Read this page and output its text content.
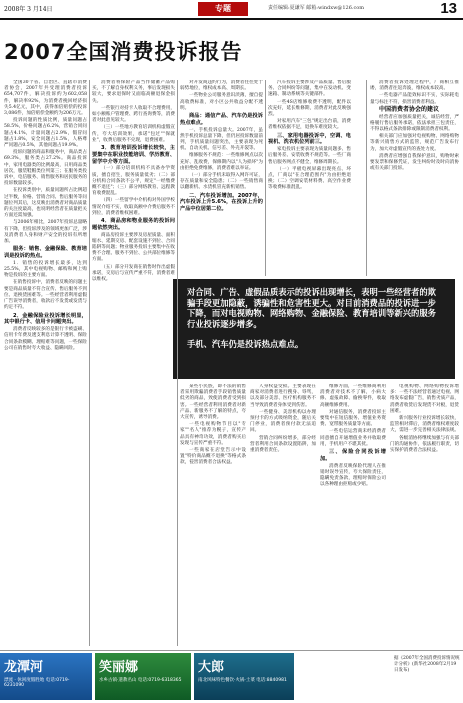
2008年 3 月14日	专题	责任编辑:夏谦军 邮箱:windxw@126.com	13
2007全国消费投诉报告

全国30个省、自治区、直辖市消费者协会，2007年共受理消费者投诉654,707件，解决投诉约为602,058件，解决率92%，为消费者挽回经济损失5.4亿元，其中，获得加倍赔偿的投诉3,086件，加倍赔偿金额约为206万元。

投诉问题的性质比例，质量问题占58.5%，价格问题占6.2%，营销合同问题占4.1%，计量问题占2.9%，假冒问题占1.8%，安全问题占1.5%，人格尊严问题占0.5%，其他问题占19.9%。

投诉问题的商品和服务中，商品类占69.3%，服务类占27.2%。商品投诉中，家用电器类的比例最高，日用商品类居次，服装鞋帽类位列第三；在服务类投诉中，电信服务、销售服务和居民服务的投诉数量较多。

在投诉类别中，质量问题所占比例超过半数，价格、营销合同、售后服务等问题位列其后，这反映出消费者对商品质量的关注度最高，也说明经营者在质量把关方面还需加强。

与2006年相比，2007年投诉总量略有下降，但投诉涉及的领域更加广泛，涉及消费者人身和财产安全的投诉有所增加。

服务：销售、金融保险、教育培训是投诉的热点。

1．销售的投诉增长最多，达到25.5%，其中电视购物、邮购和网上购物是投诉的主要方面。

在销售投诉中，消费者反映的问题主要是商品质量不符合宣传、售后服务不到位、退换货困难等。一些经营者利用虚假广告误导消费者，收款后不发货或发货与约定不符。

2．金融保险业投诉增长明显，其中银行卡、信用卡问题突出。

消费者反映较多的是银行卡被盗刷、信用卡年费及透支利息计算不透明、保险合同条款模糊、理赔难等问题，一些保险公司在销售时夸大收益、隐瞒风险。

消费者将保险产品当作储蓄产品购买，不了解自身权利义务，事后发现损失较大，要求退保时又面临高额退保金损失。

一些银行对持卡人收取不合理费用，如小额账户管理费、跨行查询费等，消费者对此意见较大。

（三）一些地方教育培训机构虚假宣传，夸大培训效果，承诺"包过""保就业"，收费后服务不兑现，退费困难。

3．教育培训投诉增长较快，主要集中在职业技能培训、学历教育、留学中介等方面。

（一）部分培训机构不具备办学资质，擅自招生，服务质量低劣；（二）部分机构合同条款不公平，规定"一经缴费概不退还"；（三）部分网络教育、远程教育收费混乱。

（四）一些留学中介机构对外国学校情况介绍不实，收取高额中介费后服务不到位，消费者维权困难。

4．商品房和物业服务的投诉问题依然突出。

商品房投诉主要涉及房屋质量、面积缩水、延期交房、配套设施不到位、合同陷阱等问题；物业服务投诉主要集中在收费不合理、服务不到位、公共部位维修等方面。

（五）部分开发商在销售时作出虚假承诺，交房后与宣传严重不符，消费者难以维权。

对开发商违约行为，消费者往往处于弱势地位，维权成本高、周期长。

一些物业公司服务意识淡薄，擅自提高收费标准，对小区公共收益分配不透明。

商品：通信产品、汽车仍是投诉热点难点。

一、手机投诉总量大。2007年，虽然手机投诉总量下降，但仍居投诉数量前列，手机质量问题突出，主要表现为死机、自动关机、信号差、外壳开裂等。

维修服务不规范：一些维修网点以次充好、乱收费，保修期内以"人为损坏"为由拒绝免费维修，消费者难以举证。

（一）部分手机未取得入网许可证，存在质量和安全隐患；（二）一些销售商以翻新机、水货机冒充新机销售。

二、汽车投诉增加。2007年，汽车投诉上升5.6%，在投诉上升的产品中位居第二位。

汽车投诉主要涉及产品质量、售后服务、合同纠纷等问题，集中在发动机、变速箱、制动系统等关键部件。

一些4S店维修收费不透明，配件以次充好，延长维修期，消费者对此反映强烈。

对家用汽车"三包"规定出台前，消费者维权依据不足，退换车难度较大。

三、家用电器投诉中，空调、电视机、洗衣机位列前三。

家电投诉主要表现为质量问题多、售后服务差、安装收费不规范等。一些厂商售后服务网点不健全，维修周期长。

（一）平板电视屏幕出现亮点、坏点，厂商以"在合理范围内"为由拒绝退换；（二）空调安装材料费、高空作业费等收费标准混乱。

消费者投诉处理过程中，厂商相互推诿，消费者往返奔波，维权成本较高。

一些电器产品能效标识不实，实际耗电量与标注不符，损害消费者利益。

中国消费者协会的建议

经营者应加强质量把关，诚信经营，严格履行售后服务承诺，依法承担三包责任，不得以格式条款排除或限制消费者权利。

相关部门应加强对电视购物、网络购物等新兴销售方式的监管，规范广告发布行为，加大对虚假宣传的查处力度。

消费者应增强自我保护意识，购物时索要发票和保修凭证，发生纠纷时及时向消协或有关部门投诉。

对合同、广告、虚假品质表示的投诉出现增长，表明一些经营者的欺骗手段更加隐蔽，诱骗性和危害性更大。对目前消费品的投诉进一步下降，而对电视购物、网络购物、金融保险、教育培训等新兴的服务行业投诉逐步增多。

手机、汽车仍是投诉热点难点。

某些小民族，即不法的销售者采用欺骗消费者手段销售质量低劣的商品，致使消费者受到损害。一些经营者利用消费者对新产品、新服务不了解的特点，夸大宣传，诱导消费。

一些电视购物节目以"专家""名人"推荐为幌子，宣传产品具有神奇功效，消费者购买后发现与宣传严重不符。

一些商家在店堂告示中设置"特价商品概不退换"等格式条款，侵害消费者合法权益。

人身权益受损。主要表现在商家对消费者进行搜身、辱骂，以及部分美容、医疗机构服务不当导致消费者身体受到伤害。

一些健身、美容机构以办理预付卡的方式吸纳资金，随后关门停业，消费者预付款无法追回。

营销合同纠纷增多，部分经营者利用合同条款设置陷阱，加重消费者责任。

维修方面，一些维修商利用消费者对技术不了解，小病大修、虚报故障、偷换零件，收取高额维修费用。

对通信服务，消费者投诉主要集中在短信服务、增值业务资费、宽带服务质量等方面。

一些电信运营商未经消费者同意擅自开通增值业务并收取费用，手机用户不堪其扰。

三、保险合同投诉增加。

消费者反映保险代理人在推销时误导宣传，夸大保险责任，隐瞒免责条款，理赔时保险公司以各种理由拒赔或少赔。

电视购物、网络购物投诉增多：一些不法经营者通过电视、网络发布虚假广告，销售劣质产品，消费者收货后发现货不对板，退货困难。

新兴服务行业投诉增长较快，监管相对滞后，消费者维权难度较大，需进一步完善相关法律法规。

各级消协将继续加强与有关部门的沟通协作，依法履行职责，切实保护消费者合法权益。

龙潭河
漂流 · 休闲度假胜地 电话:0719-6231090
笑丽娜
水乡古镇·遗教名山 电话:0719-6318365
大郎
南北风味特色餐饮·火锅·土菜 电话:8840981
据《2007年全国消费投诉情况统计分析》(新华社2008年2月19日发布)
